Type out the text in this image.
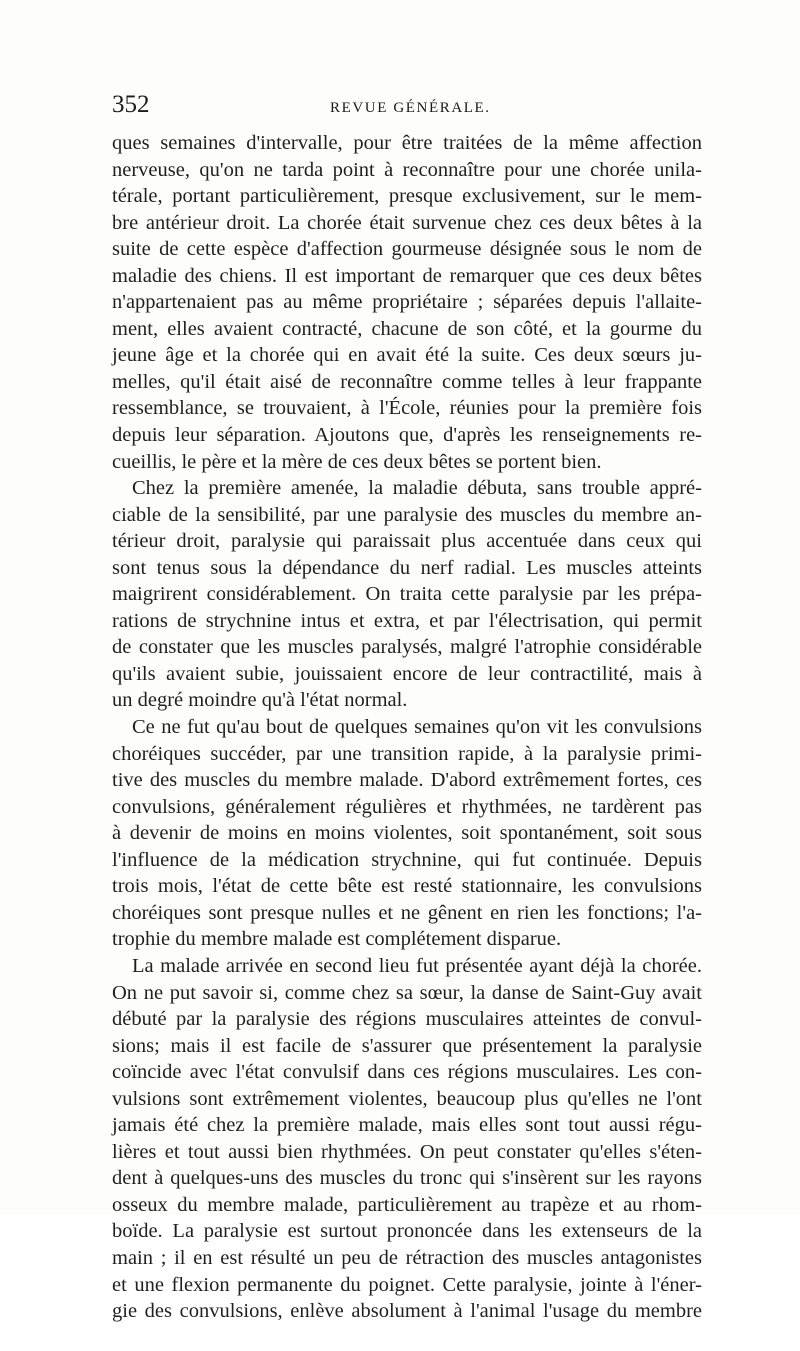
352	REVUE GÉNÉRALE.
ques semaines d'intervalle, pour être traitées de la même affection
nerveuse, qu'on ne tarda point à reconnaître pour une chorée unila-
térale, portant particulièrement, presque exclusivement, sur le mem-
bre antérieur droit. La chorée était survenue chez ces deux bêtes à la
suite de cette espèce d'affection gourmeuse désignée sous le nom de
maladie des chiens. Il est important de remarquer que ces deux bêtes
n'appartenaient pas au même propriétaire ; séparées depuis l'allaite-
ment, elles avaient contracté, chacune de son côté, et la gourme du
jeune âge et la chorée qui en avait été la suite. Ces deux sœurs ju-
melles, qu'il était aisé de reconnaître comme telles à leur frappante
ressemblance, se trouvaient, à l'École, réunies pour la première fois
depuis leur séparation. Ajoutons que, d'après les renseignements re-
cueillis, le père et la mère de ces deux bêtes se portent bien.
Chez la première amenée, la maladie débuta, sans trouble appré-
ciable de la sensibilité, par une paralysie des muscles du membre an-
térieur droit, paralysie qui paraissait plus accentuée dans ceux qui
sont tenus sous la dépendance du nerf radial. Les muscles atteints
maigrirent considérablement. On traita cette paralysie par les prépa-
rations de strychnine intus et extra, et par l'électrisation, qui permit
de constater que les muscles paralysés, malgré l'atrophie considérable
qu'ils avaient subie, jouissaient encore de leur contractilité, mais à
un degré moindre qu'à l'état normal.
Ce ne fut qu'au bout de quelques semaines qu'on vit les convulsions
choréiques succéder, par une transition rapide, à la paralysie primi-
tive des muscles du membre malade. D'abord extrêmement fortes, ces
convulsions, généralement régulières et rhythmées, ne tardèrent pas
à devenir de moins en moins violentes, soit spontanément, soit sous
l'influence de la médication strychnine, qui fut continuée. Depuis
trois mois, l'état de cette bête est resté stationnaire, les convulsions
choréiques sont presque nulles et ne gênent en rien les fonctions; l'a-
trophie du membre malade est complétement disparue.
La malade arrivée en second lieu fut présentée ayant déjà la chorée.
On ne put savoir si, comme chez sa sœur, la danse de Saint-Guy avait
débuté par la paralysie des régions musculaires atteintes de convul-
sions; mais il est facile de s'assurer que présentement la paralysie
coïncide avec l'état convulsif dans ces régions musculaires. Les con-
vulsions sont extrêmement violentes, beaucoup plus qu'elles ne l'ont
jamais été chez la première malade, mais elles sont tout aussi régu-
lières et tout aussi bien rhythmées. On peut constater qu'elles s'éten-
dent à quelques-uns des muscles du tronc qui s'insèrent sur les rayons
osseux du membre malade, particulièrement au trapèze et au rhom-
boïde. La paralysie est surtout prononcée dans les extenseurs de la
main ; il en est résulté un peu de rétraction des muscles antagonistes
et une flexion permanente du poignet. Cette paralysie, jointe à l'éner-
gie des convulsions, enlève absolument à l'animal l'usage du membre
